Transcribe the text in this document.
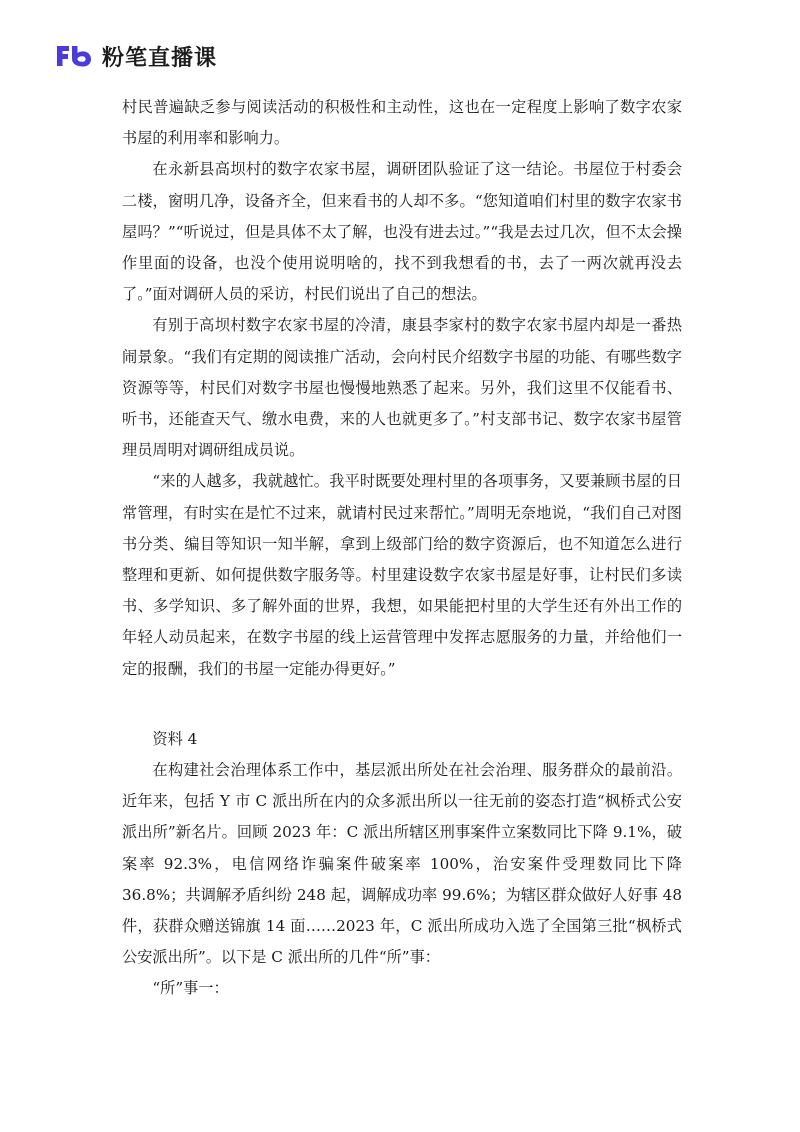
粉笔直播课

村民普遍缺乏参与阅读活动的积极性和主动性，这也在一定程度上影响了数字农家书屋的利用率和影响力。

在永新县高坝村的数字农家书屋，调研团队验证了这一结论。书屋位于村委会二楼，窗明几净，设备齐全，但来看书的人却不多。“您知道咱们村里的数字农家书屋吗？”“听说过，但是具体不太了解，也没有进去过。”“我是去过几次，但不太会操作里面的设备，也没个使用说明啥的，找不到我想看的书，去了一两次就再没去了。”面对调研人员的采访，村民们说出了自己的想法。

有别于高坝村数字农家书屋的冷清，康县李家村的数字农家书屋内却是一番热闹景象。“我们有定期的阅读推广活动，会向村民介绍数字书屋的功能、有哪些数字资源等等，村民们对数字书屋也慢慢地熟悉了起来。另外，我们这里不仅能看书、听书，还能查天气、缴水电费，来的人也就更多了。”村支部书记、数字农家书屋管理员周明对调研组成员说。

“来的人越多，我就越忙。我平时既要处理村里的各项事务，又要兼顾书屋的日常管理，有时实在是忙不过来，就请村民过来帮忙。”周明无奈地说，“我们自己对图书分类、编目等知识一知半解，拿到上级部门给的数字资源后，也不知道怎么进行整理和更新、如何提供数字服务等。村里建设数字农家书屋是好事，让村民们多读书、多学知识、多了解外面的世界，我想，如果能把村里的大学生还有外出工作的年轻人动员起来，在数字书屋的线上运营管理中发挥志愿服务的力量，并给他们一定的报酬，我们的书屋一定能办得更好。”

资料 4

在构建社会治理体系工作中，基层派出所处在社会治理、服务群众的最前沿。近年来，包括 Y 市 C 派出所在内的众多派出所以一往无前的姿态打造“枫桥式公安派出所”新名片。回顾 2023 年：C 派出所辖区刑事案件立案数同比下降 9.1%，破案率 92.3%，电信网络诈骗案件破案率 100%，治安案件受理数同比下降 36.8%；共调解矛盾纠纷 248 起，调解成功率 99.6%；为辖区群众做好人好事 48 件，获群众赠送锦旗 14 面……2023 年，C 派出所成功入选了全国第三批“枫桥式公安派出所”。以下是 C 派出所的几件“所”事：

“所”事一：
